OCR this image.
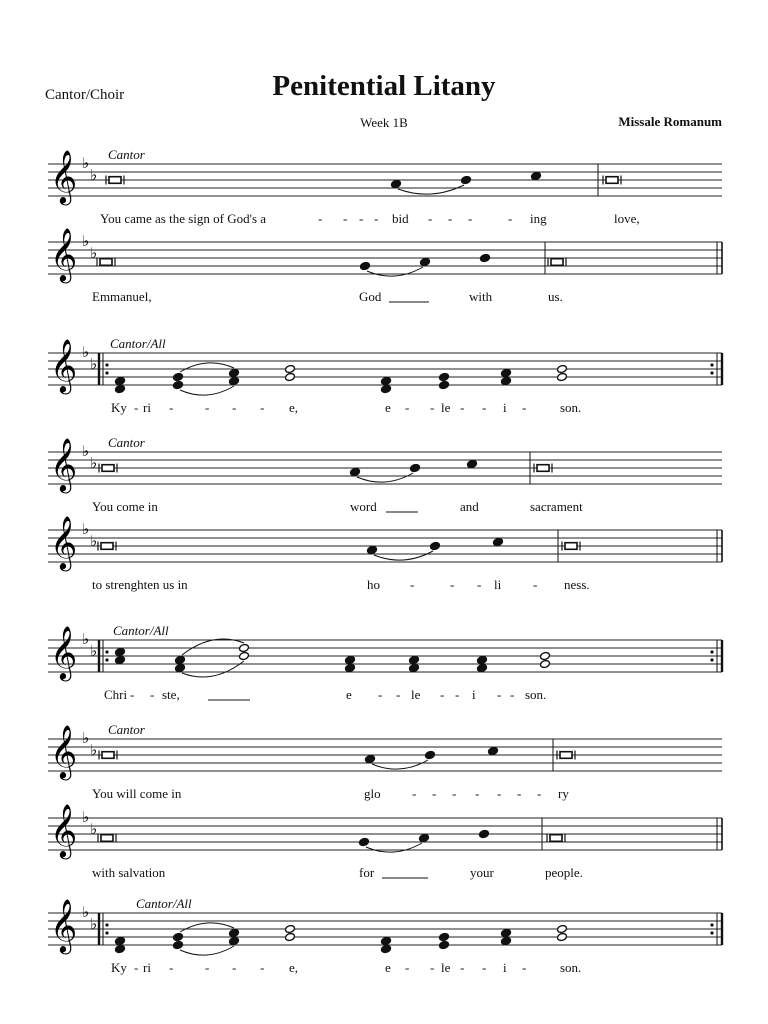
𝄞 ♭
♭
𝄞 ♭
♭
𝄞 ♭
♭
𝄞 ♭
♭
𝄞 ♭
♭
𝄞 ♭
♭
𝄞 ♭
♭
𝄞 ♭
♭
𝄞 ♭
♭
Penitential Litany
Cantor/Choir
Week 1B	Missale Romanum
Cantor
You came as the sign of God's a	bid	ing	love,
- - - -	- - -	-
Emmanuel,	God	with	us.
Cantor/All
Ky ri	e,	e	le	i	son.
- - - - -	- - - -	-
Cantor
You come in	word	and	sacrament
to strenghten us in	ho	li	ness.
-	- -	-
Cantor/All
Chri	ste,	e	le	i	son.
- -	- -	- -	- -
Cantor
You will come in	glo	ry
- - - - - - -
with salvation	for	your	people.
Cantor/All
Ky ri	e,	e	le	i	son.
- - - - -	- - - -	-
